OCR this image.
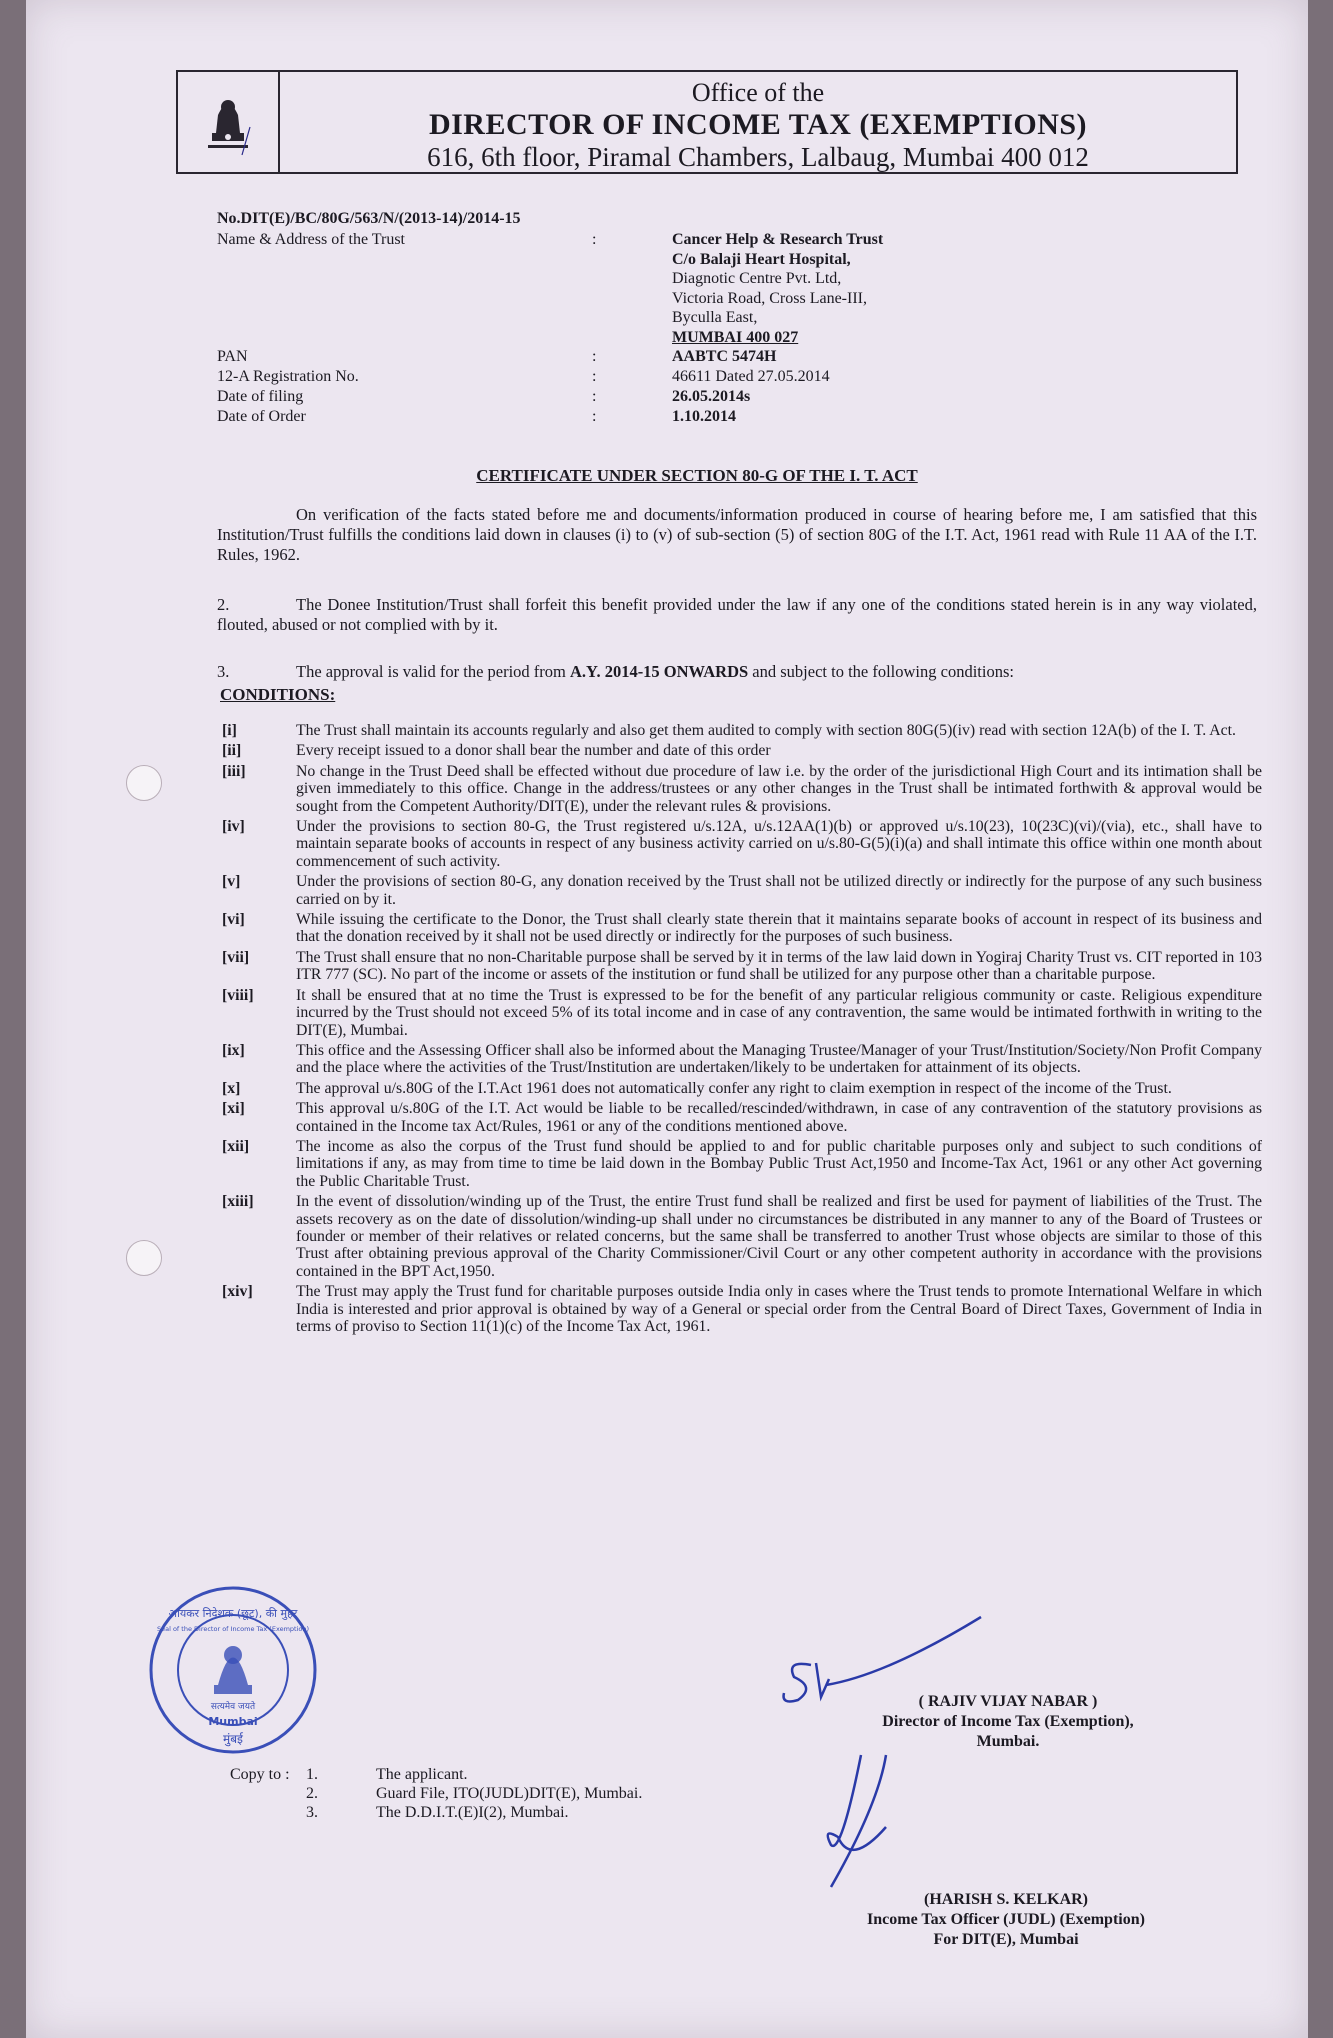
Office of the
DIRECTOR OF INCOME TAX (EXEMPTIONS)
616, 6th floor, Piramal Chambers, Lalbaug, Mumbai 400 012
No.DIT(E)/BC/80G/563/N/(2013-14)/2014-15
Name & Address of the Trust	:	Cancer Help & Research Trust
C/o Balaji Heart Hospital,
Diagnotic Centre Pvt. Ltd,
Victoria Road, Cross Lane-III,
Byculla East,
MUMBAI 400 027
PAN	:	AABTC 5474H
12-A Registration No.	:	46611 Dated 27.05.2014
Date of filing	:	26.05.2014s
Date of Order	:	1.10.2014
CERTIFICATE UNDER SECTION 80-G OF THE I. T. ACT
On verification of the facts stated before me and documents/information produced in course of hearing before me, I am satisfied that this Institution/Trust fulfills the conditions laid down in clauses (i) to (v) of sub-section (5) of section 80G of the I.T. Act, 1961 read with Rule 11 AA of the I.T. Rules, 1962.
2.	The Donee Institution/Trust shall forfeit this benefit provided under the law if any one of the conditions stated herein is in any way violated, flouted, abused or not complied with by it.
3.	The approval is valid for the period from A.Y. 2014-15 ONWARDS and subject to the following conditions:
CONDITIONS:
[i]	The Trust shall maintain its accounts regularly and also get them audited to comply with section 80G(5)(iv) read with section 12A(b) of the I. T. Act.
[ii]	Every receipt issued to a donor shall bear the number and date of this order
[iii]	No change in the Trust Deed shall be effected without due procedure of law i.e. by the order of the jurisdictional High Court and its intimation shall be given immediately to this office. Change in the address/trustees or any other changes in the Trust shall be intimated forthwith & approval would be sought from the Competent Authority/DIT(E), under the relevant rules & provisions.
[iv]	Under the provisions to section 80-G, the Trust registered u/s.12A, u/s.12AA(1)(b) or approved u/s.10(23), 10(23C)(vi)/(via), etc., shall have to maintain separate books of accounts in respect of any business activity carried on u/s.80-G(5)(i)(a) and shall intimate this office within one month about commencement of such activity.
[v]	Under the provisions of section 80-G, any donation received by the Trust shall not be utilized directly or indirectly for the purpose of any such business carried on by it.
[vi]	While issuing the certificate to the Donor, the Trust shall clearly state therein that it maintains separate books of account in respect of its business and that the donation received by it shall not be used directly or indirectly for the purposes of such business.
[vii]	The Trust shall ensure that no non-Charitable purpose shall be served by it in terms of the law laid down in Yogiraj Charity Trust vs. CIT reported in 103 ITR 777 (SC). No part of the income or assets of the institution or fund shall be utilized for any purpose other than a charitable purpose.
[viii]	It shall be ensured that at no time the Trust is expressed to be for the benefit of any particular religious community or caste. Religious expenditure incurred by the Trust should not exceed 5% of its total income and in case of any contravention, the same would be intimated forthwith in writing to the DIT(E), Mumbai.
[ix]	This office and the Assessing Officer shall also be informed about the Managing Trustee/Manager of your Trust/Institution/Society/Non Profit Company and the place where the activities of the Trust/Institution are undertaken/likely to be undertaken for attainment of its objects.
[x]	The approval u/s.80G of the I.T.Act 1961 does not automatically confer any right to claim exemption in respect of the income of the Trust.
[xi]	This approval u/s.80G of the I.T. Act would be liable to be recalled/rescinded/withdrawn, in case of any contravention of the statutory provisions as contained in the Income tax Act/Rules, 1961 or any of the conditions mentioned above.
[xii]	The income as also the corpus of the Trust fund should be applied to and for public charitable purposes only and subject to such conditions of limitations if any, as may from time to time be laid down in the Bombay Public Trust Act,1950 and Income-Tax Act, 1961 or any other Act governing the Public Charitable Trust.
[xiii]	In the event of dissolution/winding up of the Trust, the entire Trust fund shall be realized and first be used for payment of liabilities of the Trust. The assets recovery as on the date of dissolution/winding-up shall under no circumstances be distributed in any manner to any of the Board of Trustees or founder or member of their relatives or related concerns, but the same shall be transferred to another Trust whose objects are similar to those of this Trust after obtaining previous approval of the Charity Commissioner/Civil Court or any other competent authority in accordance with the provisions contained in the BPT Act,1950.
[xiv]	The Trust may apply the Trust fund for charitable purposes outside India only in cases where the Trust tends to promote International Welfare in which India is interested and prior approval is obtained by way of a General or special order from the Central Board of Direct Taxes, Government of India in terms of proviso to Section 11(1)(c) of the Income Tax Act, 1961.
सत्यमेव जयते
आयकर निदेशक (छूट), की मुहर
Mumbai
मुंबई
Seal of the Director of Income Tax (Exemption)
( RAJIV VIJAY NABAR )
Director of Income Tax (Exemption),
Mumbai.
Copy to :	1.	The applicant.
2.	Guard File, ITO(JUDL)DIT(E), Mumbai.
3.	The D.D.I.T.(E)I(2), Mumbai.
(HARISH S. KELKAR)
Income Tax Officer (JUDL) (Exemption)
For DIT(E), Mumbai
